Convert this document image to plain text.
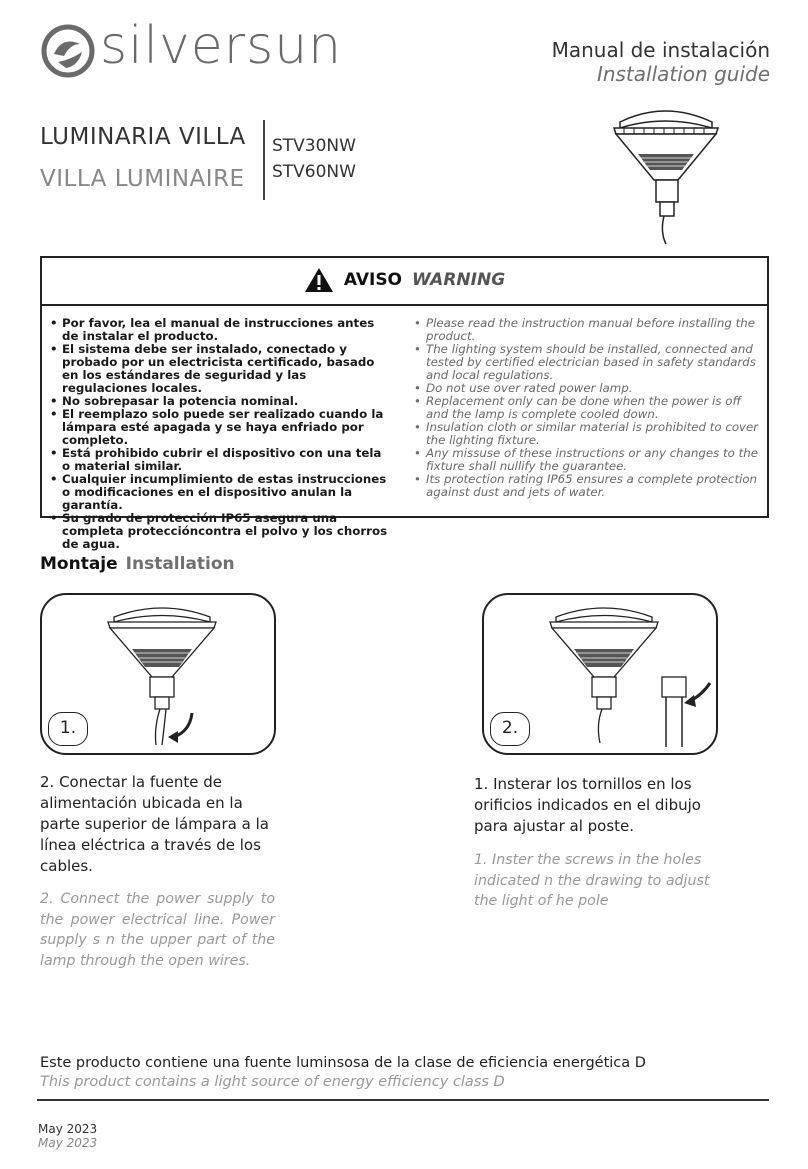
silversun	Manual de instalación
Installation guide
LUMINARIA VILLA
VILLA LUMINAIRE
STV30NW
STV60NW
AVISO WARNING
• Por favor, lea el manual de instrucciones antes de instalar el producto.
• El sistema debe ser instalado, conectado y probado por un electricista certificado, basado en los estándares de seguridad y las regulaciones locales.
• No sobrepasar la potencia nominal.
• El reemplazo solo puede ser realizado cuando la lámpara esté apagada y se haya enfriado por completo.
• Está prohibido cubrir el dispositivo con una tela o material similar.
• Cualquier incumplimiento de estas instrucciones o modificaciones en el dispositivo anulan la garantía.
• Su grado de protección IP65 asegura una completa proteccióncontra el polvo y los chorros de agua.
• Please read the instruction manual before installing the product.
• The lighting system should be installed, connected and tested by certified electrician based in safety standards and local regulations.
• Do not use over rated power lamp.
• Replacement only can be done when the power is off and the lamp is complete cooled down.
• Insulation cloth or similar material is prohibited to cover the lighting fixture.
• Any missuse of these instructions or any changes to the fixture shall nullify the guarantee.
• Its protection rating IP65 ensures a complete protection against dust and jets of water.
Montaje Installation
1.	2.
2. Conectar la fuente de alimentación ubicada en la parte superior de lámpara a la línea eléctrica a través de los cables.
2. Connect the power supply to the power electrical line. Power supply s n the upper part of the lamp through the open wires.
1. Insterar los tornillos en los orificios indicados en el dibujo para ajustar al poste.
1. Inster the screws in the holes indicated n the drawing to adjust the light of he pole
Este producto contiene una fuente luminsosa de la clase de eficiencia energética D
This product contains a light source of energy efficiency class D
May 2023
May 2023
